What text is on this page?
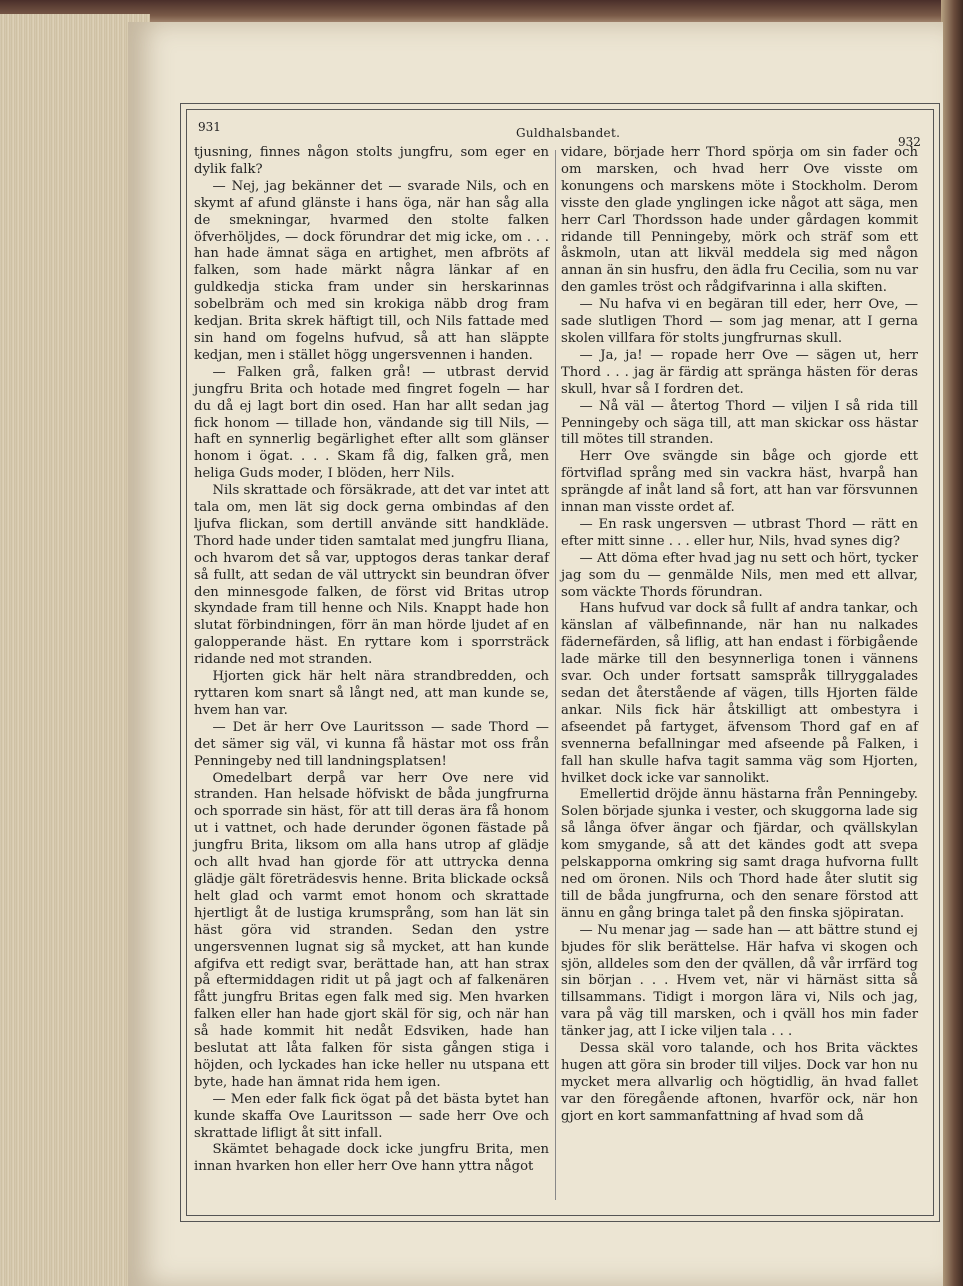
931	Guldhalsbandet.
932

tjusning, finnes någon stolts jungfru, som eger en dylik falk?

— Nej, jag bekänner det — svarade Nils, och en skymt af afund glänste i hans öga, när han såg alla de smekningar, hvarmed den stolte falken öfverhöljdes, — dock förundrar det mig icke, om . . . han hade ämnat säga en artighet, men afbröts af falken, som hade märkt några länkar af en guldkedja sticka fram under sin herskarinnas sobelbräm och med sin krokiga näbb drog fram kedjan. Brita skrek häftigt till, och Nils fattade med sin hand om fogelns hufvud, så att han släppte kedjan, men i stället högg ungersvennen i handen.

— Falken grå, falken grå! — utbrast dervid jungfru Brita och hotade med fingret fogeln — har du då ej lagt bort din osed. Han har allt sedan jag fick honom — tillade hon, vändande sig till Nils, — haft en synnerlig begärlighet efter allt som glänser honom i ögat. . . . Skam få dig, falken grå, men heliga Guds moder, I blöden, herr Nils.

Nils skrattade och försäkrade, att det var intet att tala om, men lät sig dock gerna ombindas af den ljufva flickan, som dertill använde sitt handkläde. Thord hade under tiden samtalat med jungfru Iliana, och hvarom det så var, upptogos deras tankar deraf så fullt, att sedan de väl uttryckt sin beundran öfver den minnesgode falken, de först vid Britas utrop skyndade fram till henne och Nils. Knappt hade hon slutat förbindningen, förr än man hörde ljudet af en galopperande häst. En ryttare kom i sporrsträck ridande ned mot stranden.

Hjorten gick här helt nära strandbredden, och ryttaren kom snart så långt ned, att man kunde se, hvem han var.

— Det är herr Ove Lauritsson — sade Thord — det sämer sig väl, vi kunna få hästar mot oss från Penningeby ned till landningsplatsen!

Omedelbart derpå var herr Ove nere vid stranden. Han helsade höfviskt de båda jungfrurna och sporrade sin häst, för att till deras ära få honom ut i vattnet, och hade derunder ögonen fästade på jungfru Brita, liksom om alla hans utrop af glädje och allt hvad han gjorde för att uttrycka denna glädje gält företrädesvis henne. Brita blickade också helt glad och varmt emot honom och skrattade hjertligt åt de lustiga krumsprång, som han lät sin häst göra vid stranden. Sedan den ystre ungersvennen lugnat sig så mycket, att han kunde afgifva ett redigt svar, berättade han, att han strax på eftermiddagen ridit ut på jagt och af falkenären fått jungfru Britas egen falk med sig. Men hvarken falken eller han hade gjort skäl för sig, och när han så hade kommit hit nedåt Edsviken, hade han beslutat att låta falken för sista gången stiga i höjden, och lyckades han icke heller nu utspana ett byte, hade han ämnat rida hem igen.

— Men eder falk fick ögat på det bästa bytet han kunde skaffa Ove Lauritsson — sade herr Ove och skrattade lifligt åt sitt infall.

Skämtet behagade dock icke jungfru Brita, men innan hvarken hon eller herr Ove hann yttra något

vidare, började herr Thord spörja om sin fader och om marsken, och hvad herr Ove visste om konungens och marskens möte i Stockholm. Derom visste den glade ynglingen icke något att säga, men herr Carl Thordsson hade under gårdagen kommit ridande till Penningeby, mörk och sträf som ett åskmoln, utan att likväl meddela sig med någon annan än sin husfru, den ädla fru Cecilia, som nu var den gamles tröst och rådgifvarinna i alla skiften.

— Nu hafva vi en begäran till eder, herr Ove, — sade slutligen Thord — som jag menar, att I gerna skolen villfara för stolts jungfrurnas skull.

— Ja, ja! — ropade herr Ove — sägen ut, herr Thord . . . jag är färdig att spränga hästen för deras skull, hvar så I fordren det.

— Nå väl — återtog Thord — viljen I så rida till Penningeby och säga till, att man skickar oss hästar till mötes till stranden.

Herr Ove svängde sin båge och gjorde ett förtviflad språng med sin vackra häst, hvarpå han sprängde af inåt land så fort, att han var försvunnen innan man visste ordet af.

— En rask ungersven — utbrast Thord — rätt en efter mitt sinne . . . eller hur, Nils, hvad synes dig?

— Att döma efter hvad jag nu sett och hört, tycker jag som du — genmälde Nils, men med ett allvar, som väckte Thords förundran.

Hans hufvud var dock så fullt af andra tankar, och känslan af välbefinnande, när han nu nalkades fädernefärden, så liflig, att han endast i förbigående lade märke till den besynnerliga tonen i vännens svar. Och under fortsatt samspråk tillryggalades sedan det återstående af vägen, tills Hjorten fälde ankar. Nils fick här åtskilligt att ombestyra i afseendet på fartyget, äfvensom Thord gaf en af svennerna befallningar med afseende på Falken, i fall han skulle hafva tagit samma väg som Hjorten, hvilket dock icke var sannolikt.

Emellertid dröjde ännu hästarna från Penningeby. Solen började sjunka i vester, och skuggorna lade sig så långa öfver ängar och fjärdar, och qvällskylan kom smygande, så att det kändes godt att svepa pelskapporna omkring sig samt draga hufvorna fullt ned om öronen. Nils och Thord hade åter slutit sig till de båda jungfrurna, och den senare förstod att ännu en gång bringa talet på den finska sjöpiratan.

— Nu menar jag — sade han — att bättre stund ej bjudes för slik berättelse. Här hafva vi skogen och sjön, alldeles som den der qvällen, då vår irrfärd tog sin början . . . Hvem vet, när vi härnäst sitta så tillsammans. Tidigt i morgon lära vi, Nils och jag, vara på väg till marsken, och i qväll hos min fader tänker jag, att I icke viljen tala . . .

Dessa skäl voro talande, och hos Brita väcktes hugen att göra sin broder till viljes. Dock var hon nu mycket mera allvarlig och högtidlig, än hvad fallet var den föregående aftonen, hvarför ock, när hon gjort en kort sammanfattning af hvad som då
